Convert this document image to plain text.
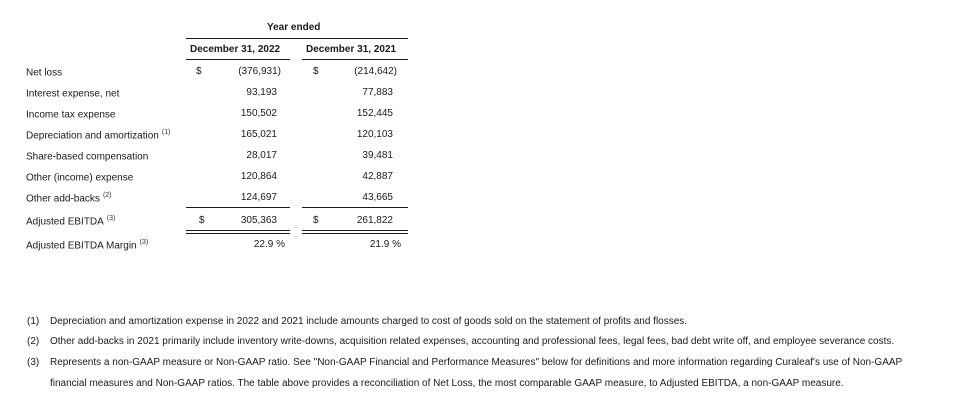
Year ended
December 31, 2022	December 31, 2021
Net loss	$	(376,931)	$	(214,642)
Interest expense, net	93,193	77,883
Income tax expense	150,502	152,445
Depreciation and amortization $^{(1)}$	165,021	120,103
Share-based compensation	28,017	39,481
Other (income) expense	120,864	42,887
Other add-backs $^{(2)}$	124,697	43,665
Adjusted EBITDA $^{(3)}$	$	305,363	$	261,822
Adjusted EBITDA Margin $^{(3)}$	22.9 %	21.9 %
(1) Depreciation and amortization expense in 2022 and 2021 include amounts charged to cost of goods sold on the statement of profits and flosses.
(2) Other add-backs in 2021 primarily include inventory write-downs, acquisition related expenses, accounting and professional fees, legal fees, bad debt write off, and employee severance costs.
(3) Represents a non-GAAP measure or Non-GAAP ratio. See "Non-GAAP Financial and Performance Measures" below for definitions and more information regarding Curaleaf's use of Non-GAAP
financial measures and Non-GAAP ratios. The table above provides a reconciliation of Net Loss, the most comparable GAAP measure, to Adjusted EBITDA, a non-GAAP measure.
